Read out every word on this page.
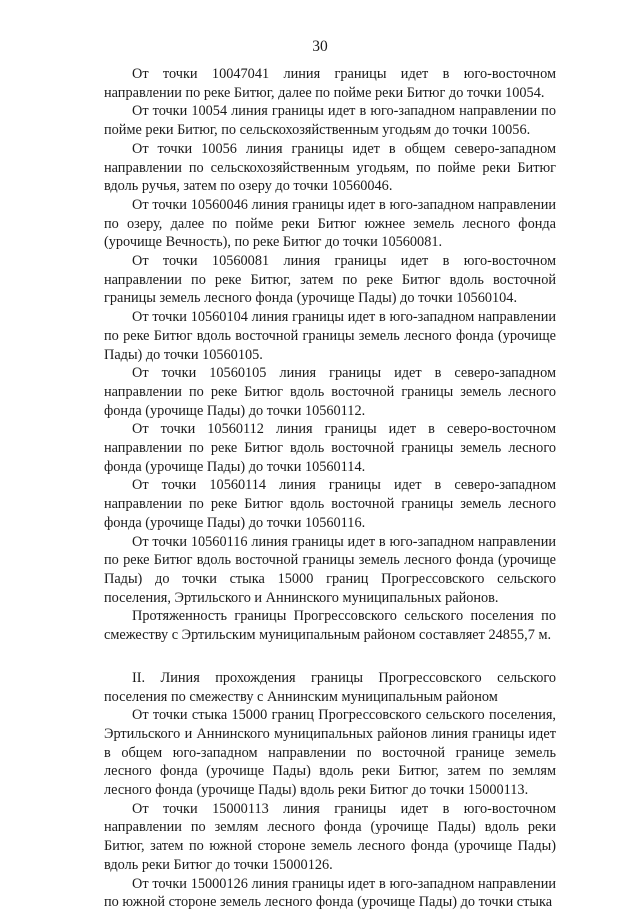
30

От точки 10047041 линия границы идет в юго-восточном направлении по реке Битюг, далее по пойме реки Битюг до точки 10054.

От точки 10054 линия границы идет в юго-западном направлении по пойме реки Битюг, по сельскохозяйственным угодьям до точки 10056.

От точки 10056 линия границы идет в общем северо-западном направлении по сельскохозяйственным угодьям, по пойме реки Битюг вдоль ручья, затем по озеру до точки 10560046.

От точки 10560046 линия границы идет в юго-западном направлении по озеру, далее по пойме реки Битюг южнее земель лесного фонда (урочище Вечность), по реке Битюг до точки 10560081.

От точки 10560081 линия границы идет в юго-восточном направлении по реке Битюг, затем по реке Битюг вдоль восточной границы земель лесного фонда (урочище Пады) до точки 10560104.

От точки 10560104 линия границы идет в юго-западном направлении по реке Битюг вдоль восточной границы земель лесного фонда (урочище Пады) до точки 10560105.

От точки 10560105 линия границы идет в северо-западном направлении по реке Битюг вдоль восточной границы земель лесного фонда (урочище Пады) до точки 10560112.

От точки 10560112 линия границы идет в северо-восточном направлении по реке Битюг вдоль восточной границы земель лесного фонда (урочище Пады) до точки 10560114.

От точки 10560114 линия границы идет в северо-западном направлении по реке Битюг вдоль восточной границы земель лесного фонда (урочище Пады) до точки 10560116.

От точки 10560116 линия границы идет в юго-западном направлении по реке Битюг вдоль восточной границы земель лесного фонда (урочище Пады) до точки стыка 15000 границ Прогрессовского сельского поселения, Эртильского и Аннинского муниципальных районов.

Протяженность границы Прогрессовского сельского поселения по смежеству с Эртильским муниципальным районом составляет 24855,7 м.

II. Линия прохождения границы Прогрессовского сельского поселения по смежеству с Аннинским муниципальным районом

От точки стыка 15000 границ Прогрессовского сельского поселения, Эртильского и Аннинского муниципальных районов линия границы идет в общем юго-западном направлении по восточной границе земель лесного фонда (урочище Пады) вдоль реки Битюг, затем по землям лесного фонда (урочище Пады) вдоль реки Битюг до точки 15000113.

От точки 15000113 линия границы идет в юго-восточном направлении по землям лесного фонда (урочище Пады) вдоль реки Битюг, затем по южной стороне земель лесного фонда (урочище Пады) вдоль реки Битюг до точки 15000126.

От точки 15000126 линия границы идет в юго-западном направлении по южной стороне земель лесного фонда (урочище Пады) до точки стыка
